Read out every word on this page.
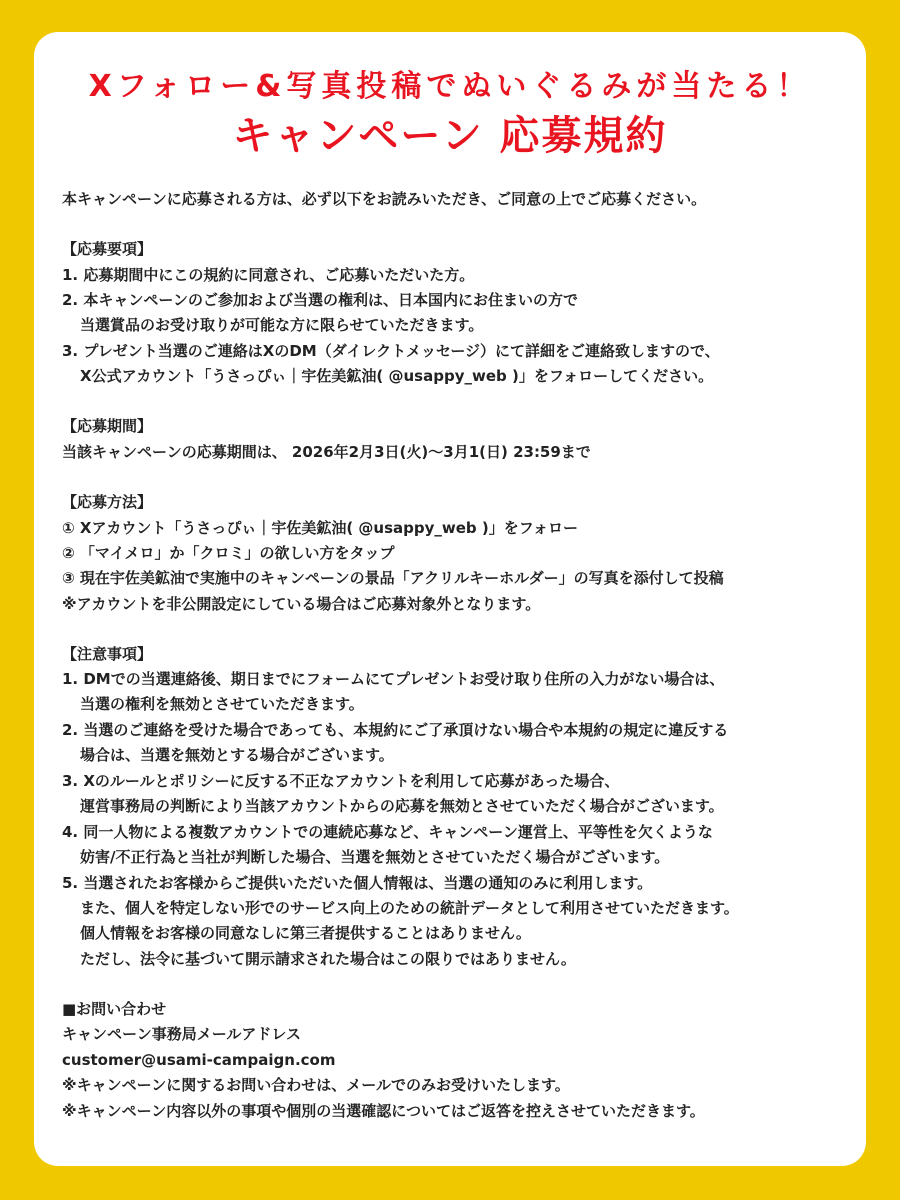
Xフォロー&写真投稿でぬいぐるみが当たる！
キャンペーン 応募規約
本キャンペーンに応募される方は、必ず以下をお読みいただき、ご同意の上でご応募ください。
【応募要項】
1. 応募期間中にこの規約に同意され、ご応募いただいた方。
2. 本キャンペーンのご参加および当選の権利は、日本国内にお住まいの方で
当選賞品のお受け取りが可能な方に限らせていただきます。
3. プレゼント当選のご連絡はXのDM（ダイレクトメッセージ）にて詳細をご連絡致しますので、
X公式アカウント「うさっぴぃ｜宇佐美鉱油( @usappy_web )」をフォローしてください。
【応募期間】
当該キャンペーンの応募期間は、 2026年2月3日(火)〜3月1(日) 23:59まで
【応募方法】
① Xアカウント「うさっぴぃ｜宇佐美鉱油( @usappy_web )」をフォロー
② 「マイメロ」か「クロミ」の欲しい方をタップ
③ 現在宇佐美鉱油で実施中のキャンペーンの景品「アクリルキーホルダー」の写真を添付して投稿
※アカウントを非公開設定にしている場合はご応募対象外となります。
【注意事項】
1. DMでの当選連絡後、期日までにフォームにてプレゼントお受け取り住所の入力がない場合は、
当選の権利を無効とさせていただきます。
2. 当選のご連絡を受けた場合であっても、本規約にご了承頂けない場合や本規約の規定に違反する
場合は、当選を無効とする場合がございます。
3. Xのルールとポリシーに反する不正なアカウントを利用して応募があった場合、
運営事務局の判断により当該アカウントからの応募を無効とさせていただく場合がございます。
4. 同一人物による複数アカウントでの連続応募など、キャンペーン運営上、平等性を欠くような
妨害/不正行為と当社が判断した場合、当選を無効とさせていただく場合がございます。
5. 当選されたお客様からご提供いただいた個人情報は、当選の通知のみに利用します。
また、個人を特定しない形でのサービス向上のための統計データとして利用させていただきます。
個人情報をお客様の同意なしに第三者提供することはありません。
ただし、法令に基づいて開示請求された場合はこの限りではありません。
■お問い合わせ
キャンペーン事務局メールアドレス
customer@usami-campaign.com
※キャンペーンに関するお問い合わせは、メールでのみお受けいたします。
※キャンペーン内容以外の事項や個別の当選確認についてはご返答を控えさせていただきます。
